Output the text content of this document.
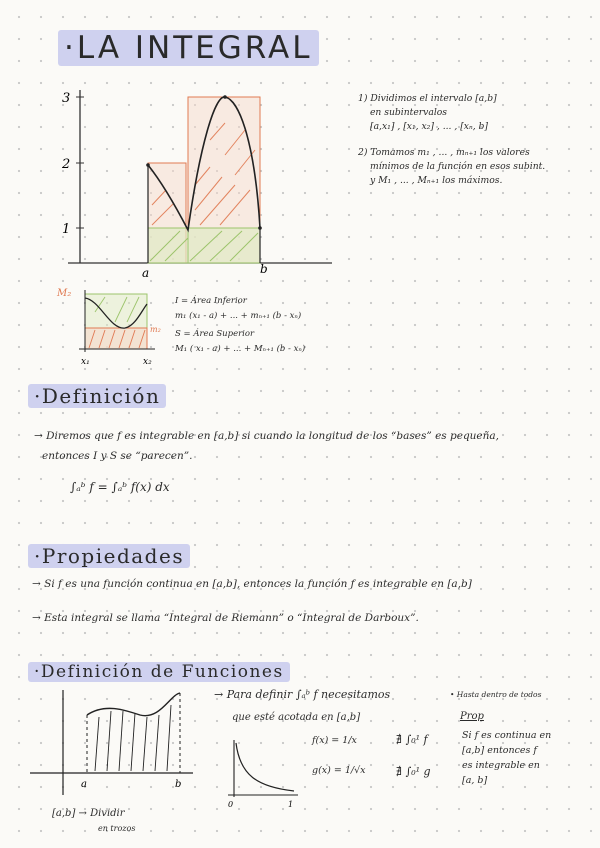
·LA INTEGRAL
3
2
1
a	b
1) Dividimos el intervalo [a,b]
en subintervalos
[a,x₁] , [x₁, x₂] , ... , [xₙ, b]
2) Tomamos m₁ , ... , mₙ₊₁ los valores
mínimos de la función en esos subint.
y M₁ , ... , Mₙ₊₁ los máximos.
M₂
m₂
x₁	x₂
I = Área Inferior
m₁ (x₁ - a) + ... + mₙ₊₁ (b - xₙ)
S = Área Superior
M₁ ( x₁ - a) + ... + Mₙ₊₁ (b - xₙ)
·Definición
→ Diremos que f es integrable en [a,b] si cuando la longitud de los “bases” es pequeña,
entonces I y S se “parecen”.
∫ₐᵇ f = ∫ₐᵇ f(x) dx
·Propiedades
→ Si f es una función continua en [a,b], entonces la función f es integrable en [a,b]
→ Esta integral se llama “Integral de Riemann” o “Integral de Darboux”.
·Definición de Funciones
a	b
[a,b] → Dividir
en trozos
→ Para definir ∫ₐᵇ f necesitamos
que esté acotada en [a,b]
0	1
f(x) = 1/x	∄ ∫₀¹ f
g(x) = 1/√x	∄ ∫₀¹ g
• Hasta dentro de todos
Prop
Si f es continua en
[a,b] entonces f
es integrable en
[a, b]
